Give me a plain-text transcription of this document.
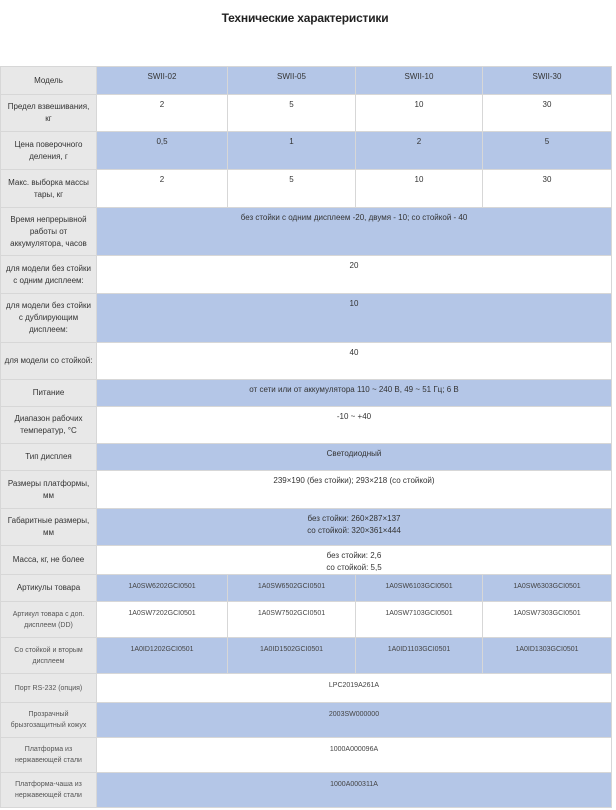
Технические характеристики
Модель	SWII-02	SWII-05	SWII-10	SWII-30
Предел взвешивания, кг	2	5	10	30
Цена поверочного деления, г	0,5	1	2	5
Макс. выборка массы тары, кг	2	5	10	30
Время непрерывной работы от аккумулятора, часов	без стойки с одним дисплеем -20, двумя - 10; со стойкой - 40			
для модели без стойки с одним дисплеем:	20			
для модели без стойки с дублирующим дисплеем:	10			
для модели со стойкой:	40			
Питание	от сети или от аккумулятора 110 ~ 240 В, 49 ~ 51 Гц; 6 В			
Диапазон рабочих температур, °С	-10 ~ +40			
Тип дисплея	Светодиодный			
Размеры платформы, мм	239×190 (без стойки); 293×218 (со стойкой)			
Габаритные размеры, мм	без стойки: 260×287×137
со стойкой: 320×361×444			

Масса, кг, не более	без стойки: 2,6
со стойкой: 5,5			

Артикулы товара	1A0SW6202GCI0501	1A0SW6502GCI0501	1A0SW6103GCI0501	1A0SW6303GCI0501
Артикул товара с доп. дисплеем (DD)	1A0SW7202GCI0501	1A0SW7502GCI0501	1A0SW7103GCI0501	1A0SW7303GCI0501
Со стойкой и вторым дисплеем	1A0ID1202GCI0501	1A0ID1502GCI0501	1A0ID1103GCI0501	1A0ID1303GCI0501
Порт RS-232 (опция)	LPC2019A261A			
Прозрачный брызгозащитный кожух	2003SW000000			
Платформа из нержавеющей стали	1000A000096A			
Платформа-чаша из нержавеющей стали	1000A000311A			
